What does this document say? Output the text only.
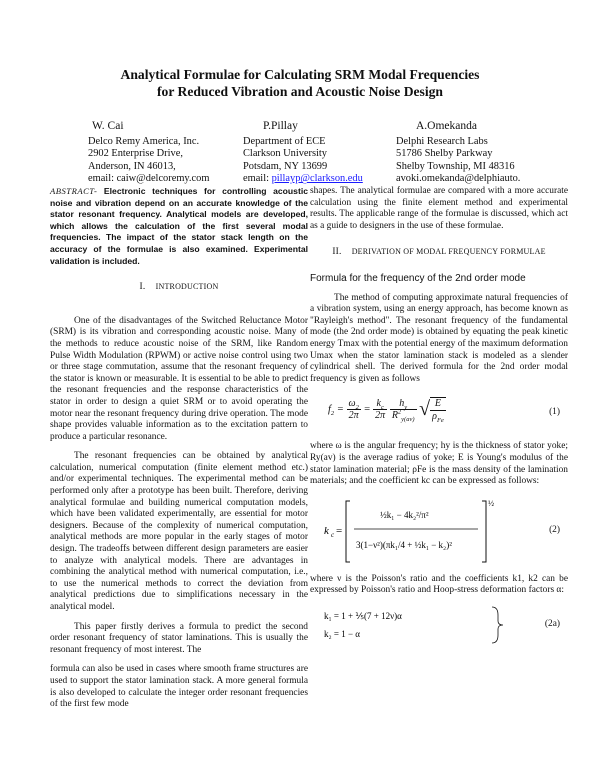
Analytical Formulae for Calculating SRM Modal Frequencies
for Reduced Vibration and Acoustic Noise Design
W. Cai
Delco Remy America, Inc.
2902 Enterprise Drive,
Anderson, IN 46013,
email: caiw@delcoremy.com
P.Pillay
Department of ECE
Clarkson University
Potsdam, NY 13699
email: pillayp@clarkson.edu
A.Omekanda
Delphi Research Labs
51786 Shelby Parkway
Shelby Township, MI 48316
avoki.omekanda@delphiauto.

ABSTRACT- Electronic techniques for controlling acoustic noise and vibration depend on an accurate knowledge of the stator resonant frequency. Analytical models are developed, which allows the calculation of the first several modal frequencies. The impact of the stator stack length on the accuracy of the formulae is also examined. Experimental validation is included.

I. INTRODUCTION

One of the disadvantages of the Switched Reluctance Motor (SRM) is its vibration and corresponding acoustic noise. Many of the methods to reduce acoustic noise of the SRM, like Random Pulse Width Modulation (RPWM) or active noise control using two or three stage commutation, assume that the resonant frequency of the stator is known or measurable. It is essential to be able to predict the resonant frequencies and the response characteristics of the stator in order to design a quiet SRM or to avoid operating the motor near the resonant frequency during drive operation. The mode shape provides valuable information as to the excitation pattern to produce a particular resonance.

The resonant frequencies can be obtained by analytical calculation, numerical computation (finite element method etc.) and/or experimental techniques. The experimental method can be performed only after a prototype has been built. Therefore, deriving analytical formulae and building numerical computation models, which have been validated experimentally, are essential for motor designers. Because of the complexity of numerical computation, analytical methods are more popular in the early stages of motor design. The tradeoffs between different design parameters are easier to analyze with analytical models. There are advantages in combining the analytical method with numerical computation, i.e., to use the numerical methods to correct the deviation from analytical predictions due to simplifications necessary in the analytical model.

This paper firstly derives a formula to predict the second order resonant frequency of stator laminations. This is usually the resonant frequency of most interest. The

formula can also be used in cases where smooth frame structures are used to support the stator lamination stack. A more general formula is also developed to calculate the integer order resonant frequencies of the first few mode

shapes. The analytical formulae are compared with a more accurate calculation using the finite element method and experimental results. The applicable range of the formulae is discussed, which act as a guide to designers in the use of these formulae.

II. DERIVATION OF MODAL FREQUENCY FORMULAE
Formula for the frequency of the 2nd order mode

The method of computing approximate natural frequencies of a vibration system, using an energy approach, has become known as "Rayleigh's method". The resonant frequency of the fundamental mode (the 2nd order mode) is obtained by equating the peak kinetic energy Tmax with the potential energy of the maximum deformation Umax when the stator lamination stack is modeled as a slender cylindrical shell. The derived formula for the 2nd order modal frequency is given as follows

$f_2 = \frac{\omega_2}{2\pi} = \frac{k_c}{2\pi}$
$\frac{h_y}{R^2_{y(av)}}$ √ $\frac{E}{\rho_{Fe}}$	(1)

where ω is the angular frequency; hy is the thickness of stator yoke; Ry(av) is the average radius of yoke; E is Young's modulus of the stator lamination material; ρFe is the mass density of the lamination materials; and the coefficient kc can be expressed as follows:

k c =
½k₁ − 4k₂²/π²
3(1−ν²)(πk₁/4 + ½k₁ − k₂)²
½
(2)

where ν is the Poisson's ratio and the coefficients k1, k2 can be expressed by Poisson's ratio and Hoop-stress deformation factors α:

k₁ = 1 + ⅕(7 + 12ν)α
k₂ = 1 − α
(2a)
